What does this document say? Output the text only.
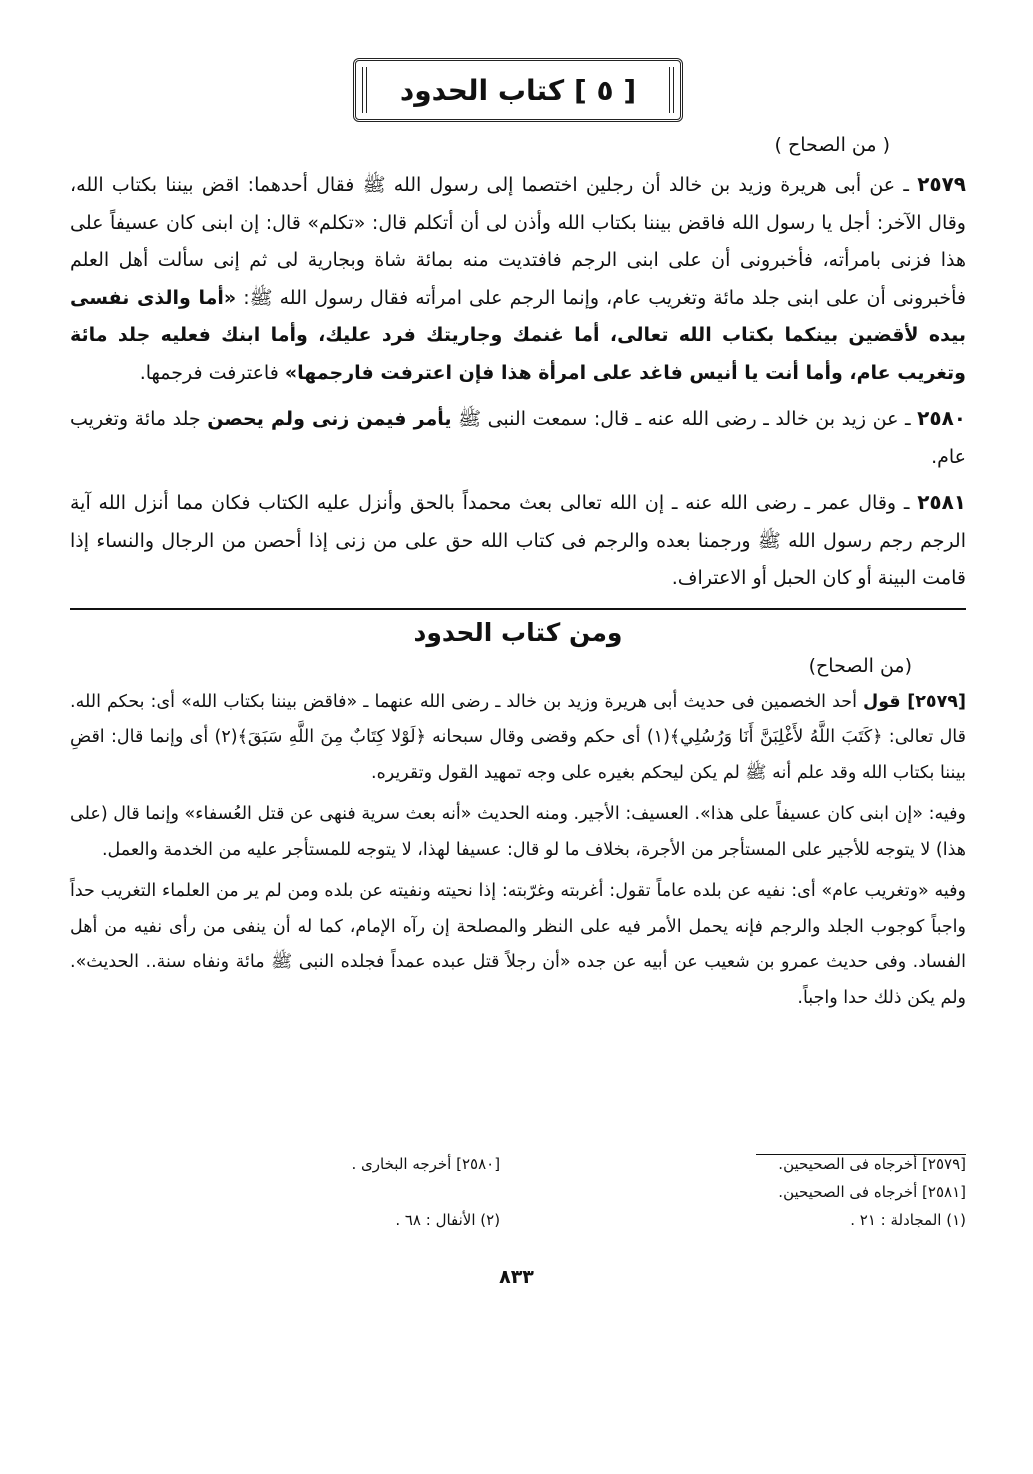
[ ٥ ] كتاب الحدود
( من الصحاح )

٢٥٧٩ ـ عن أبى هريرة وزيد بن خالد أن رجلين اختصما إلى رسول الله ﷺ فقال أحدهما: اقض بيننا بكتاب الله، وقال الآخر: أجل يا رسول الله فاقض بيننا بكتاب الله وأذن لى أن أتكلم قال: «تكلم» قال: إن ابنى كان عسيفاً على هذا فزنى بامرأته، فأخبرونى أن على ابنى الرجم فافتديت منه بمائة شاة وبجارية لى ثم إنى سألت أهل العلم فأخبرونى أن على ابنى جلد مائة وتغريب عام، وإنما الرجم على امرأته فقال رسول الله ﷺ: «أما والذى نفسى بيده لأقضين بينكما بكتاب الله تعالى، أما غنمك وجاريتك فرد عليك، وأما ابنك فعليه جلد مائة وتغريب عام، وأما أنت يا أنيس فاغد على امرأة هذا فإن اعترفت فارجمها» فاعترفت فرجمها.

٢٥٨٠ ـ عن زيد بن خالد ـ رضى الله عنه ـ قال: سمعت النبى ﷺ يأمر فيمن زنى ولم يحصن جلد مائة وتغريب عام.

٢٥٨١ ـ وقال عمر ـ رضى الله عنه ـ إن الله تعالى بعث محمداً بالحق وأنزل عليه الكتاب فكان مما أنزل الله آية الرجم رجم رسول الله ﷺ ورجمنا بعده والرجم فى كتاب الله حق على من زنى إذا أحصن من الرجال والنساء إذا قامت البينة أو كان الحبل أو الاعتراف.

ومن كتاب الحدود
(من الصحاح)

[٢٥٧٩] قول أحد الخصمين فى حديث أبى هريرة وزيد بن خالد ـ رضى الله عنهما ـ «فاقض بيننا بكتاب الله» أى: بحكم الله. قال تعالى: ﴿كَتَبَ اللَّهُ لأَغْلِبَنَّ أَنَا وَرُسُلِي﴾(١) أى حكم وقضى وقال سبحانه ﴿لَوْلا كِتَابٌ مِنَ اللَّهِ سَبَقَ﴾(٢) أى وإنما قال: اقضِ بيننا بكتاب الله وقد علم أنه ﷺ لم يكن ليحكم بغيره على وجه تمهيد القول وتقريره.

وفيه: «إن ابنى كان عسيفاً على هذا». العسيف: الأجير. ومنه الحديث «أنه بعث سرية فنهى عن قتل العُسفاء» وإنما قال (على هذا) لا يتوجه للأجير على المستأجر من الأجرة، بخلاف ما لو قال: عسيفا لهذا، لا يتوجه للمستأجر عليه من الخدمة والعمل.

وفيه «وتغريب عام» أى: نفيه عن بلده عاماً تقول: أغربته وغرّبته: إذا نحيته ونفيته عن بلده ومن لم ير من العلماء التغريب حداً واجباً كوجوب الجلد والرجم فإنه يحمل الأمر فيه على النظر والمصلحة إن رآه الإمام، كما له أن ينفى من رأى نفيه من أهل الفساد. وفى حديث عمرو بن شعيب عن أبيه عن جده «أن رجلاً قتل عبده عمداً فجلده النبى ﷺ مائة ونفاه سنة.. الحديث». ولم يكن ذلك حدا واجباً.

[٢٥٧٩] أخرجاه فى الصحيحين.
[٢٥٨٠] أخرجه البخارى .
[٢٥٨١] أخرجاه فى الصحيحين.
(١) المجادلة : ٢١ .
(٢) الأنفال : ٦٨ .
٨٣٣
